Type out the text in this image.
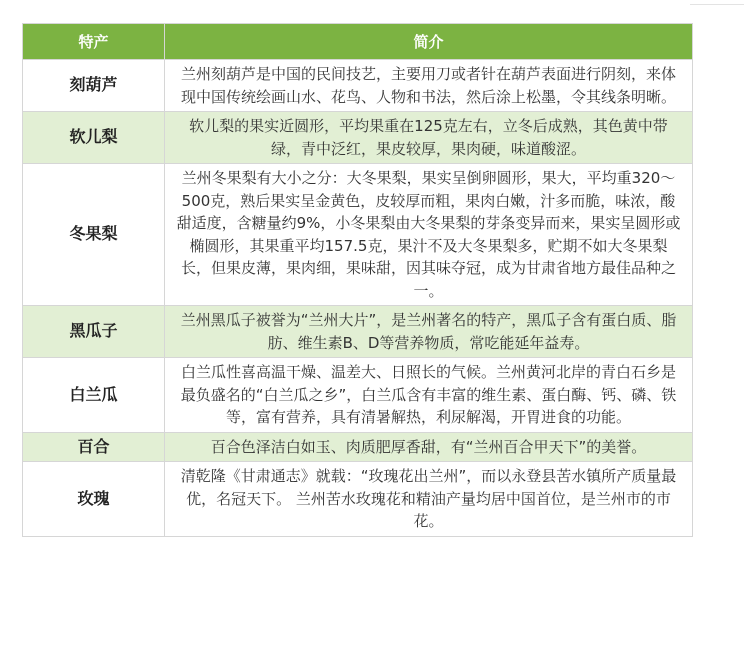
特产	简介
刻葫芦	兰州刻葫芦是中国的民间技艺，主要用刀或者针在葫芦表面进行阴刻，来体现中国传统绘画山水、花鸟、人物和书法，然后涂上松墨，令其线条明晰。
软儿梨	软儿梨的果实近圆形，平均果重在125克左右，立冬后成熟，其色黄中带绿，青中泛红，果皮较厚，果肉硬，味道酸涩。
冬果梨	兰州冬果梨有大小之分：大冬果梨，果实呈倒卵圆形，果大，平均重320～500克，熟后果实呈金黄色，皮较厚而粗，果肉白嫩，汁多而脆，味浓，酸甜适度，含糖量约9%，小冬果梨由大冬果梨的芽条变异而来，果实呈圆形或椭圆形，其果重平均157.5克，果汁不及大冬果梨多，贮期不如大冬果梨长，但果皮薄，果肉细，果味甜，因其味夺冠，成为甘肃省地方最佳品种之一。
黑瓜子	兰州黑瓜子被誉为“兰州大片”，是兰州著名的特产，黑瓜子含有蛋白质、脂肪、维生素B、D等营养物质，常吃能延年益寿。
白兰瓜	白兰瓜性喜高温干燥、温差大、日照长的气候。兰州黄河北岸的青白石乡是最负盛名的“白兰瓜之乡”，白兰瓜含有丰富的维生素、蛋白酶、钙、磷、铁等，富有营养，具有清暑解热，利尿解渴，开胃进食的功能。
百合	百合色泽洁白如玉、肉质肥厚香甜，有“兰州百合甲天下”的美誉。
玫瑰	清乾隆《甘肃通志》就载：“玫瑰花出兰州”，而以永登县苦水镇所产质量最优，名冠天下。 兰州苦水玫瑰花和精油产量均居中国首位，是兰州市的市花。
